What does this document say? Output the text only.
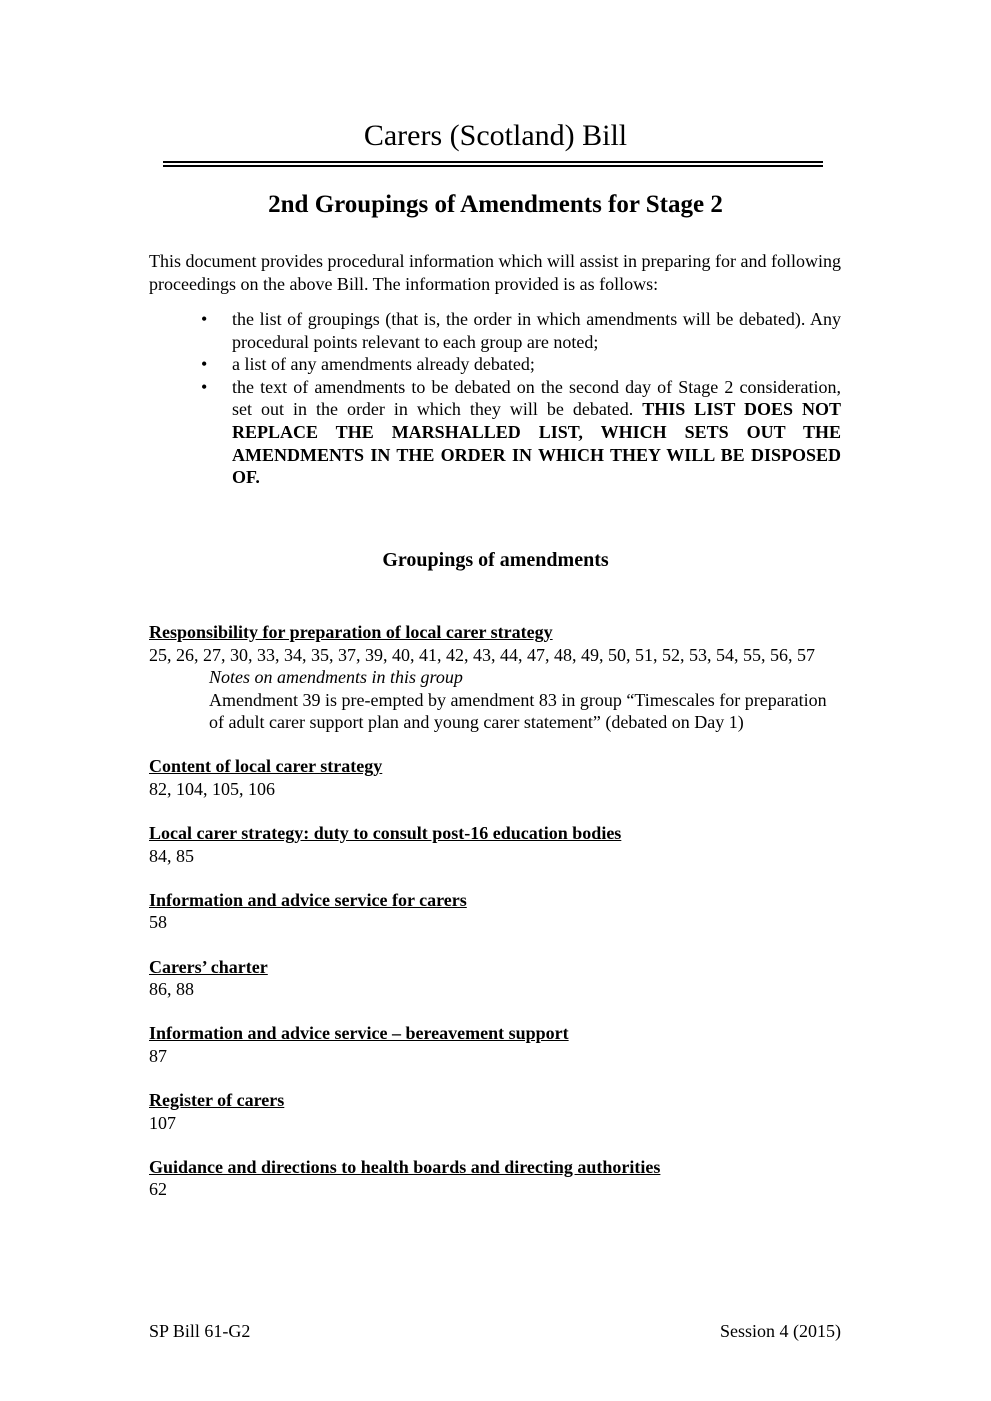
Carers (Scotland) Bill
2nd Groupings of Amendments for Stage 2
This document provides procedural information which will assist in preparing for and following proceedings on the above Bill. The information provided is as follows:
• the list of groupings (that is, the order in which amendments will be debated). Any procedural points relevant to each group are noted;
• a list of any amendments already debated;
• the text of amendments to be debated on the second day of Stage 2 consideration, set out in the order in which they will be debated. THIS LIST DOES NOT REPLACE THE MARSHALLED LIST, WHICH SETS OUT THE AMENDMENTS IN THE ORDER IN WHICH THEY WILL BE DISPOSED OF.
Groupings of amendments
Responsibility for preparation of local carer strategy
25, 26, 27, 30, 33, 34, 35, 37, 39, 40, 41, 42, 43, 44, 47, 48, 49, 50, 51, 52, 53, 54, 55, 56, 57
Notes on amendments in this group
Amendment 39 is pre-empted by amendment 83 in group “Timescales for preparation of adult carer support plan and young carer statement” (debated on Day 1)
Content of local carer strategy
82, 104, 105, 106
Local carer strategy: duty to consult post-16 education bodies
84, 85
Information and advice service for carers
58
Carers’ charter
86, 88
Information and advice service – bereavement support
87
Register of carers
107
Guidance and directions to health boards and directing authorities
62
SP Bill 61-G2	Session 4 (2015)
